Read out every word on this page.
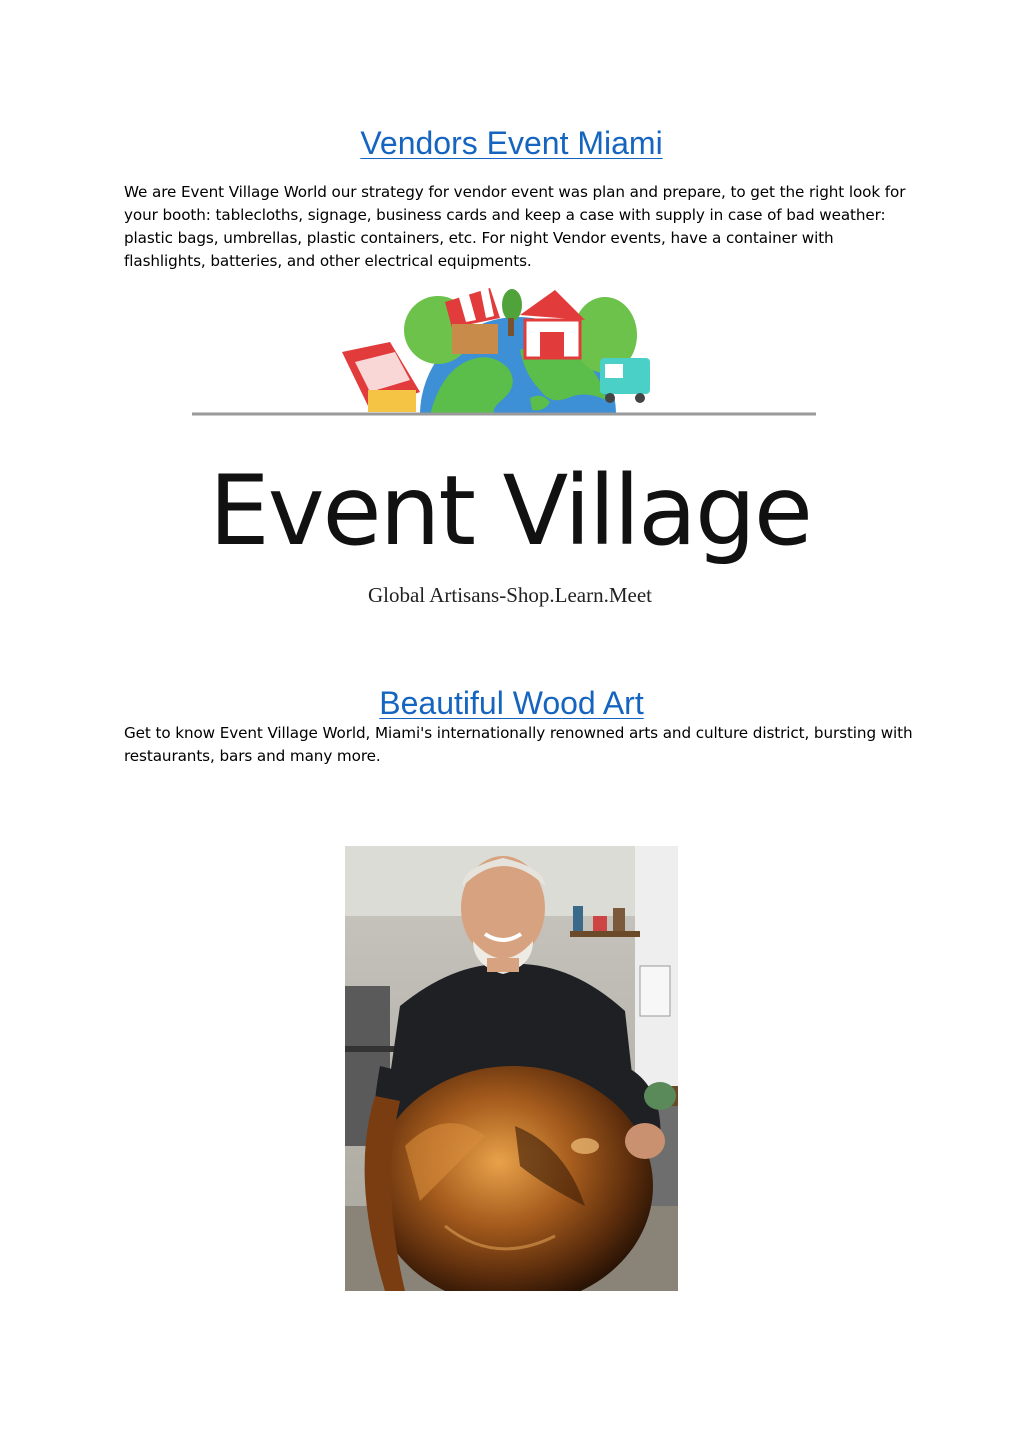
Vendors Event Miami

We are Event Village World our strategy for vendor event was plan and prepare, to get the right look for your booth: tablecloths, signage, business cards and keep a case with supply in case of bad weather: plastic bags, umbrellas, plastic containers, etc. For night Vendor events, have a container with flashlights, batteries, and other electrical equipments.

Event Village
Global Artisans-Shop.Learn.Meet
Beautiful Wood Art

Get to know Event Village World, Miami's internationally renowned arts and culture district, bursting with restaurants, bars and many more.
